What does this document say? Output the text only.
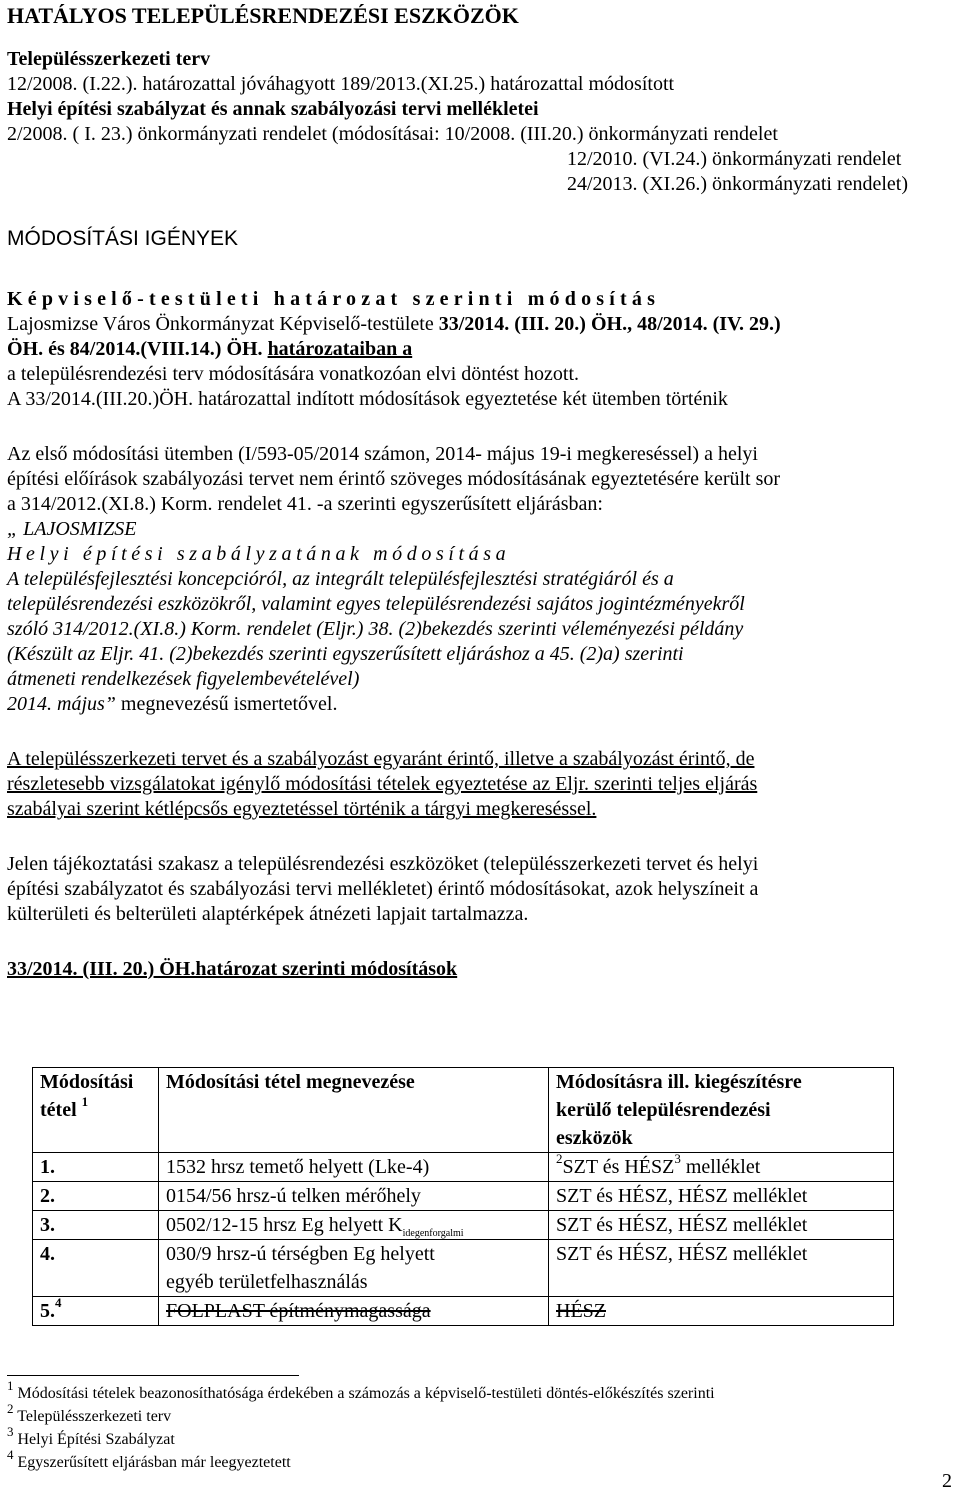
HATÁLYOS TELEPÜLÉSRENDEZÉSI ESZKÖZÖK
Településszerkezeti terv
12/2008. (I.22.). határozattal jóváhagyott 189/2013.(XI.25.) határozattal módosított
Helyi építési szabályzat és annak szabályozási tervi mellékletei
2/2008. ( I. 23.) önkormányzati rendelet (módosításai: 10/2008. (III.20.) önkormányzati rendelet
12/2010. (VI.24.) önkormányzati rendelet
24/2013. (XI.26.) önkormányzati rendelet)
MÓDOSÍTÁSI IGÉNYEK
Képviselő-testületi határozat szerinti módosítás
Lajosmizse Város Önkormányzat Képviselő-testülete 33/2014. (III. 20.) ÖH., 48/2014. (IV. 29.)
ÖH. és 84/2014.(VIII.14.) ÖH. határozataiban a
a településrendezési terv módosítására vonatkozóan elvi döntést hozott.
A 33/2014.(III.20.)ÖH. határozattal indított módosítások egyeztetése két ütemben történik
Az első módosítási ütemben (I/593-05/2014 számon, 2014- május 19-i megkereséssel) a helyi
építési előírások szabályozási tervet nem érintő szöveges módosításának egyeztetésére került sor
a 314/2012.(XI.8.) Korm. rendelet 41. -a szerinti egyszerűsített eljárásban:
„ LAJOSMIZSE
Helyi építési szabályzatának módosítása
A településfejlesztési koncepcióról, az integrált településfejlesztési stratégiáról és a
településrendezési eszközökről, valamint egyes településrendezési sajátos jogintézményekről
szóló 314/2012.(XI.8.) Korm. rendelet (Eljr.) 38. (2)bekezdés szerinti véleményezési példány
(Készült az Eljr. 41. (2)bekezdés szerinti egyszerűsített eljáráshoz a 45. (2)a) szerinti
átmeneti rendelkezések figyelembevételével)
2014. május” megnevezésű ismertetővel.
A településszerkezeti tervet és a szabályozást egyaránt érintő, illetve a szabályozást érintő, de
részletesebb vizsgálatokat igénylő módosítási tételek egyeztetése az Eljr. szerinti teljes eljárás
szabályai szerint kétlépcsős egyeztetéssel történik a tárgyi megkereséssel.
Jelen tájékoztatási szakasz a településrendezési eszközöket (településszerkezeti tervet és helyi
építési szabályzatot és szabályozási tervi mellékletet) érintő módosításokat, azok helyszíneit a
külterületi és belterületi alaptérképek átnézeti lapjait tartalmazza.
33/2014. (III. 20.) ÖH.határozat szerinti módosítások
Módosítási
tétel $^1$	Módosítási tétel megnevezése	Módosításra ill. kiegészítésre
kerülő településrendezési
eszközök
1.	1532 hrsz temető helyett (Lke-4)	$^2$SZT és HÉSZ$^3$ melléklet
2.	0154/56 hrsz-ú telken mérőhely	SZT és HÉSZ, HÉSZ melléklet
3.	0502/12-15 hrsz Eg helyett $K_{idegenforgalmi}$	SZT és HÉSZ, HÉSZ melléklet
4.	030/9 hrsz-ú térségben Eg helyett
egyéb területfelhasználás	SZT és HÉSZ, HÉSZ melléklet
5.$^4$	FOLPLAST építménymagassága	HÉSZ
$^1$ Módosítási tételek beazonosíthatósága érdekében a számozás a képviselő-testületi döntés-előkészítés szerinti
$^2$ Településszerkezeti terv
$^3$ Helyi Építési Szabályzat
$^4$ Egyszerűsített eljárásban már leegyeztetett
2
